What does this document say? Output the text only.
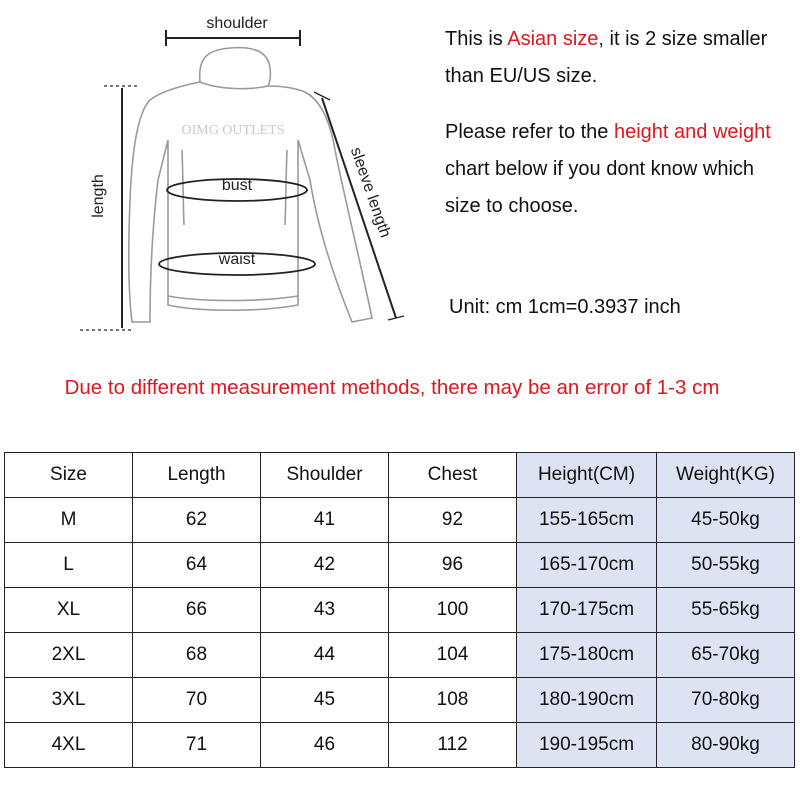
shoulder
length	sleeve length
bust
waist
OIMG OUTLETS
This is Asian size, it is 2 size smaller than EU/US size.
Please refer to the height and weight chart below if you dont know which size to choose.
Unit: cm 1cm=0.3937 inch
Due to different measurement methods, there may be an error of 1-3 cm
Size	Length	Shoulder	Chest	Height(CM)	Weight(KG)
M	62	41	92	155-165cm	45-50kg
L	64	42	96	165-170cm	50-55kg
XL	66	43	100	170-175cm	55-65kg
2XL	68	44	104	175-180cm	65-70kg
3XL	70	45	108	180-190cm	70-80kg
4XL	71	46	112	190-195cm	80-90kg
